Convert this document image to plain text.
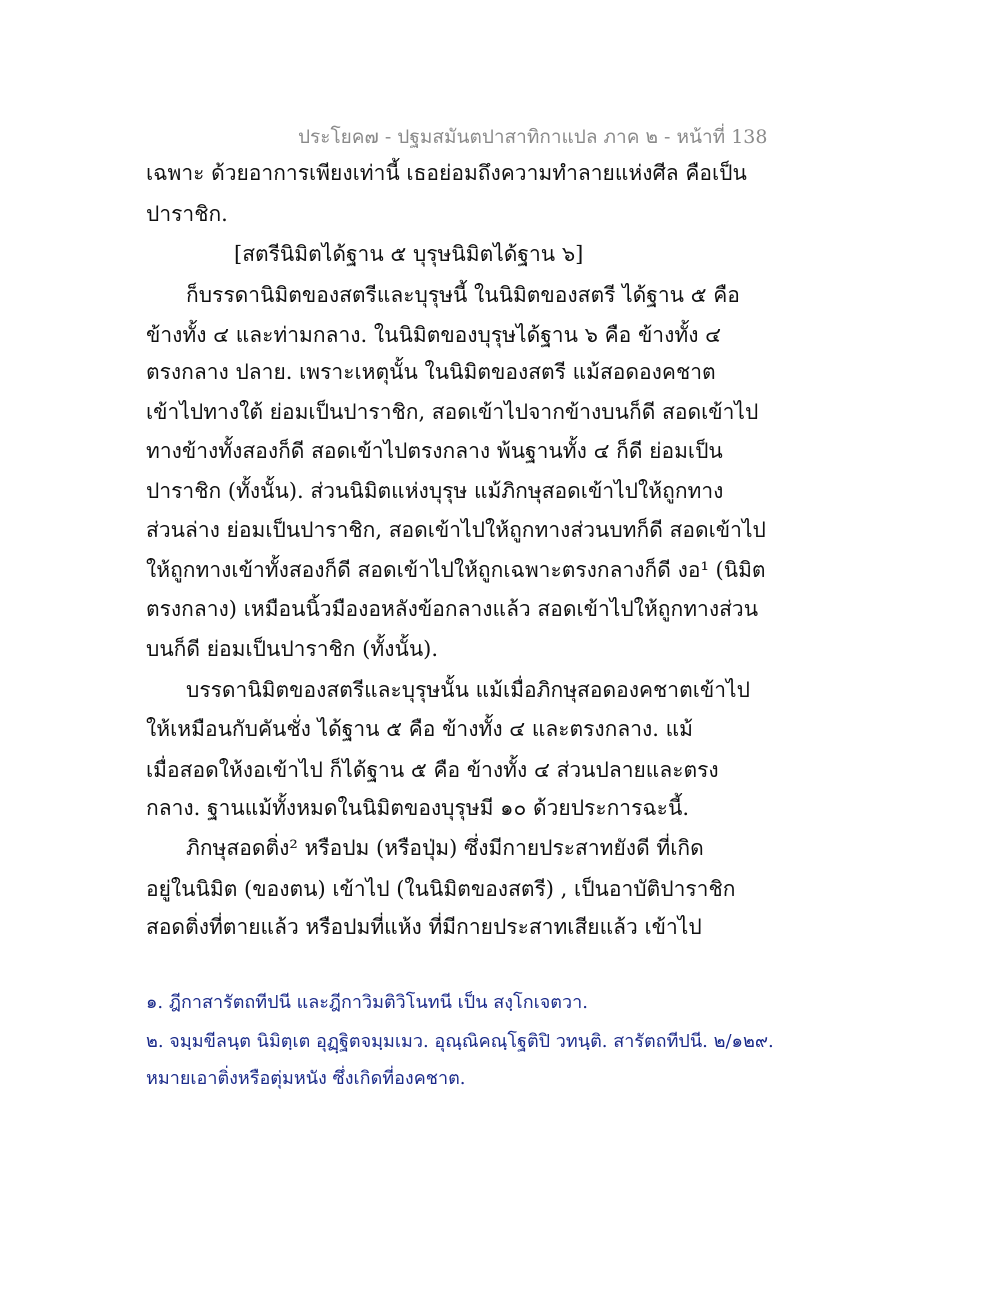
ประโยค๗ - ปฐมสมันตปาสาทิกาแปล ภาค ๒ - หน้าที่ 138
เฉพาะ ด้วยอาการเพียงเท่านี้ เธอย่อมถึงความทำลายแห่งศีล คือเป็น
ปาราชิก.
[สตรีนิมิตได้ฐาน ๕ บุรุษนิมิตได้ฐาน ๖]
ก็บรรดานิมิตของสตรีและบุรุษนี้ ในนิมิตของสตรี ได้ฐาน ๕ คือ
ข้างทั้ง ๔ และท่ามกลาง. ในนิมิตของบุรุษได้ฐาน ๖ คือ ข้างทั้ง ๔
ตรงกลาง ปลาย. เพราะเหตุนั้น ในนิมิตของสตรี แม้สอดองคชาต
เข้าไปทางใต้ ย่อมเป็นปาราชิก, สอดเข้าไปจากข้างบนก็ดี สอดเข้าไป
ทางข้างทั้งสองก็ดี สอดเข้าไปตรงกลาง พ้นฐานทั้ง ๔ ก็ดี ย่อมเป็น
ปาราชิก (ทั้งนั้น). ส่วนนิมิตแห่งบุรุษ แม้ภิกษุสอดเข้าไปให้ถูกทาง
ส่วนล่าง ย่อมเป็นปาราชิก, สอดเข้าไปให้ถูกทางส่วนบทก็ดี สอดเข้าไป
ให้ถูกทางเข้าทั้งสองก็ดี สอดเข้าไปให้ถูกเฉพาะตรงกลางก็ดี งอ¹ (นิมิต
ตรงกลาง) เหมือนนิ้วมืองอหลังข้อกลางแล้ว สอดเข้าไปให้ถูกทางส่วน
บนก็ดี ย่อมเป็นปาราชิก (ทั้งนั้น).
บรรดานิมิตของสตรีและบุรุษนั้น แม้เมื่อภิกษุสอดองคชาตเข้าไป
ให้เหมือนกับคันชั่ง ได้ฐาน ๕ คือ ข้างทั้ง ๔ และตรงกลาง. แม้
เมื่อสอดให้งอเข้าไป ก็ได้ฐาน ๕ คือ ข้างทั้ง ๔ ส่วนปลายและตรง
กลาง. ฐานแม้ทั้งหมดในนิมิตของบุรุษมี ๑๐ ด้วยประการฉะนี้.
ภิกษุสอดติ่ง² หรือปม (หรือปุ่ม) ซึ่งมีกายประสาทยังดี ที่เกิด
อยู่ในนิมิต (ของตน) เข้าไป (ในนิมิตของสตรี) , เป็นอาบัติปาราชิก
สอดติ่งที่ตายแล้ว หรือปมที่แห้ง ที่มีกายประสาทเสียแล้ว เข้าไป
๑. ฎีกาสารัตถทีปนี และฎีกาวิมติวิโนทนี เป็น สงฺโกเจตวา.
๒. จมฺมขีลนฺต นิมิตฺเต อุฏฺฐิตจมฺมเมว. อุณฺณิคณฺโฐติปิ วทนฺติ. สารัตถทีปนี. ๒/๑๒๙.
หมายเอาติ่งหรือตุ่มหนัง ซึ่งเกิดที่องคชาต.
